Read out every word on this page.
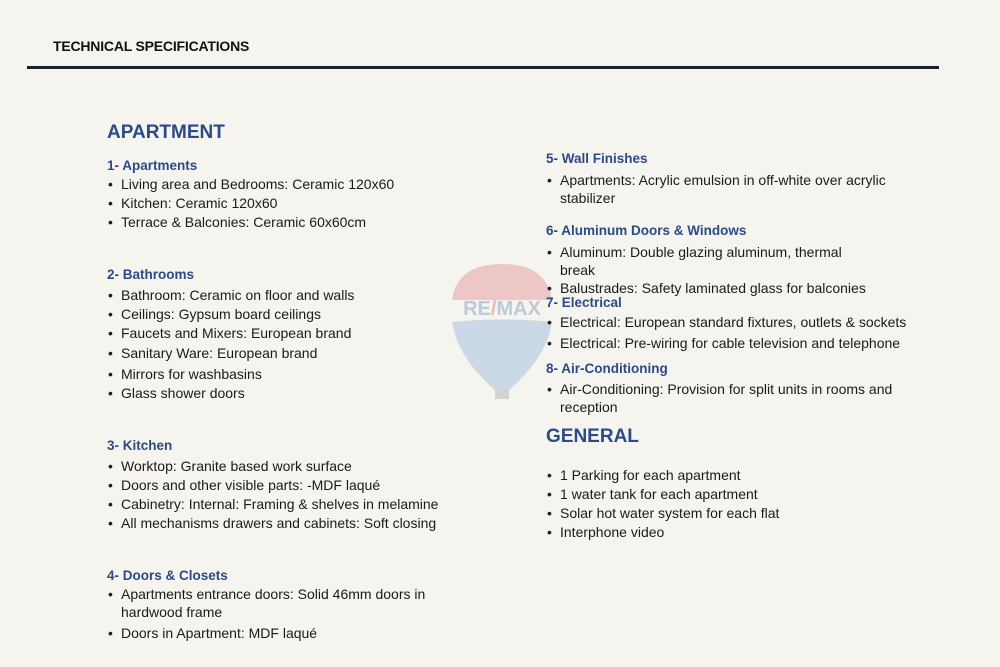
TECHNICAL SPECIFICATIONS
RE/MAX
APARTMENT
GENERAL
1- Apartments
• Living area and Bedrooms: Ceramic 120x60
• Kitchen: Ceramic 120x60
• Terrace & Balconies: Ceramic 60x60cm
2- Bathrooms
• Bathroom: Ceramic on floor and walls
• Ceilings: Gypsum board ceilings
• Faucets and Mixers: European brand
• Sanitary Ware: European brand
• Mirrors for washbasins
• Glass shower doors
3- Kitchen
• Worktop: Granite based work surface
• Doors and other visible parts: -MDF laqué
• Cabinetry: Internal: Framing & shelves in melamine
• All mechanisms drawers and cabinets: Soft closing
4- Doors & Closets
• Apartments entrance doors: Solid 46mm doors in
hardwood frame
• Doors in Apartment: MDF laqué
5- Wall Finishes
• Apartments: Acrylic emulsion in off-white over acrylic
stabilizer
6- Aluminum Doors & Windows
• Aluminum: Double glazing aluminum, thermal
break
• Balustrades: Safety laminated glass for balconies
7- Electrical
• Electrical: European standard fixtures, outlets & sockets
• Electrical: Pre-wiring for cable television and telephone
8- Air-Conditioning
• Air-Conditioning: Provision for split units in rooms and
reception
• 1 Parking for each apartment
• 1 water tank for each apartment
• Solar hot water system for each flat
• Interphone video
